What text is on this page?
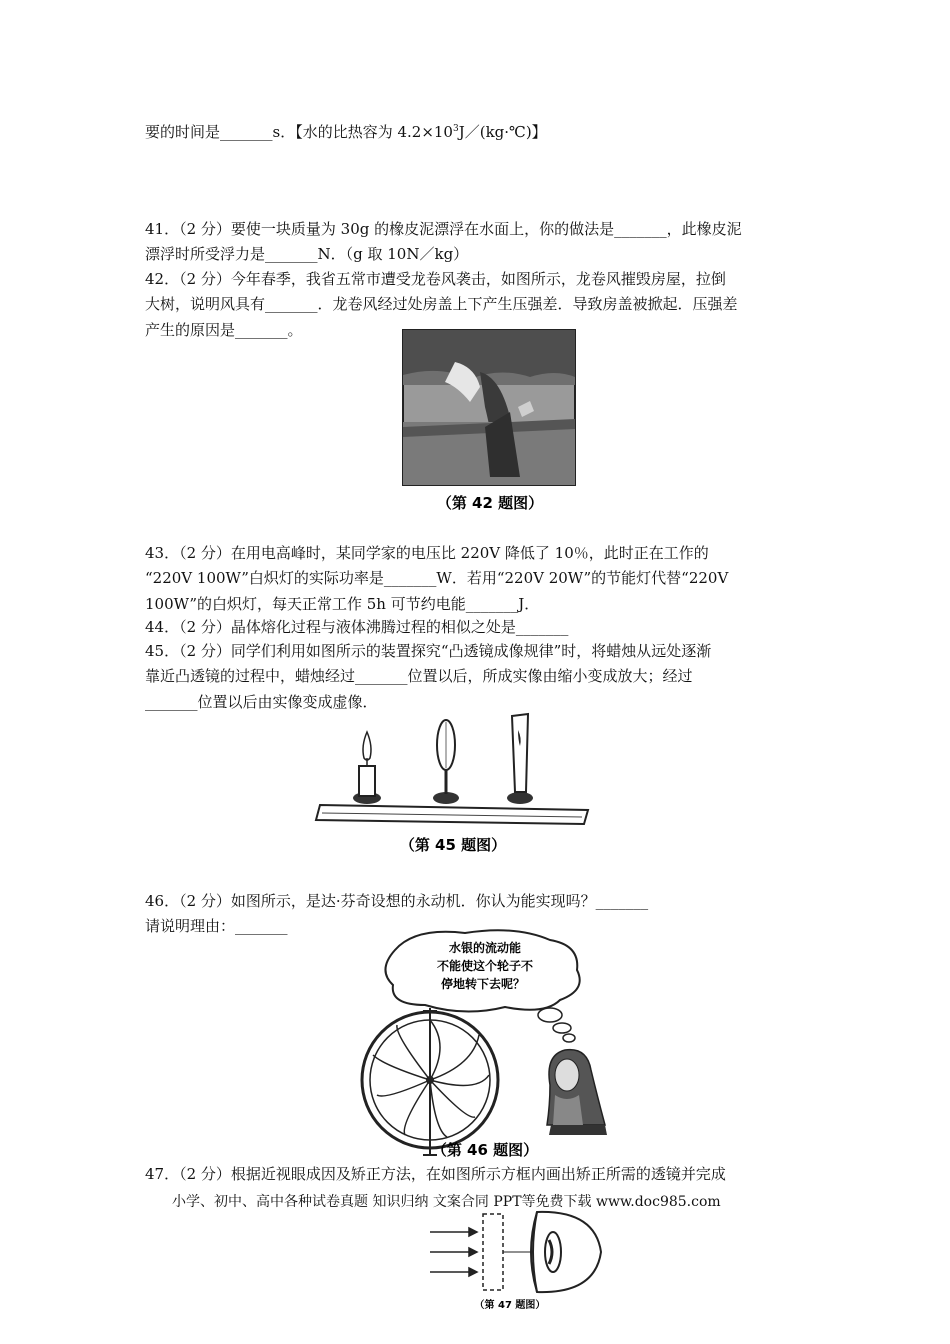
要的时间是_______s．【水的比热容为 $4.2\times 10^3J/(kg\cdot℃)$】
41．（2 分）要使一块质量为 30g 的橡皮泥漂浮在水面上，你的做法是_______，此橡皮泥
漂浮时所受浮力是_______N．（g 取 10N／kg）
42．（2 分）今年春季，我省五常市遭受龙卷风袭击，如图所示，龙卷风摧毁房屋，拉倒
大树，说明风具有_______．龙卷风经过处房盖上下产生压强差．导致房盖被掀起．压强差
产生的原因是_______。
（第 42 题图）
43．（2 分）在用电高峰时，某同学家的电压比 220V 降低了 10％，此时正在工作的
“220V 100W”白炽灯的实际功率是_______W．若用“220V 20W”的节能灯代替“220V
100W”的白炽灯，每天正常工作 5h 可节约电能_______J．
44．（2 分）晶体熔化过程与液体沸腾过程的相似之处是_______
45．（2 分）同学们利用如图所示的装置探究“凸透镜成像规律”时，将蜡烛从远处逐渐
靠近凸透镜的过程中，蜡烛经过_______位置以后，所成实像由缩小变成放大；经过
_______位置以后由实像变成虚像．
（第 45 题图）
46．（2 分）如图所示，是达·芬奇设想的永动机．你认为能实现吗？_______
请说明理由：_______
水银的流动能
不能使这个轮子不
停地转下去呢？
（第 46 题图）
47．（2 分）根据近视眼成因及矫正方法，在如图所示方框内画出矫正所需的透镜并完成
小学、初中、高中各种试卷真题 知识归纳 文案合同 PPT等免费下载 www.doc985.com
（第 47 题图）
